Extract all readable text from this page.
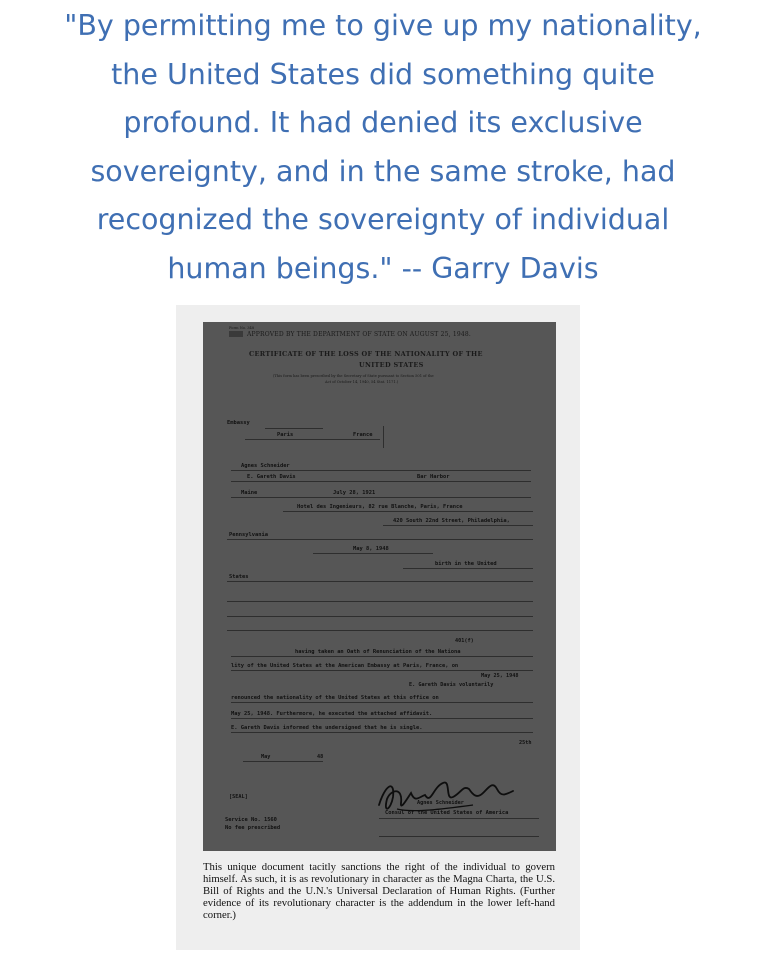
"By permitting me to give up my nationality,
the United States did something quite
profound. It had denied its exclusive
sovereignty, and in the same stroke, had
recognized the sovereignty of individual
human beings." -- Garry Davis
Form No. 348
APPROVED BY THE DEPARTMENT OF STATE ON AUGUST 25, 1948.
CERTIFICATE OF THE LOSS OF THE NATIONALITY OF THE
UNITED STATES
(This form has been prescribed by the Secretary of State pursuant to Section 501 of the
Act of October 14, 1940, 54 Stat. 1171.)
Embassy
Paris	France
Agnes Schneider
E. Gareth Davis	Bar Harbor
Maine	July 28, 1921
Hotel des Ingenieurs, 82 rue Blanche, Paris, France
420 South 22nd Street, Philadelphia,
Pennsylvania
May 8, 1948
birth in the United
States
401(f)
having taken an Oath of Renunciation of the Nationa
lity of the United States at the American Embassy at Paris, France, on
May 25, 1948
E. Gareth Davis voluntarily
renounced the nationality of the United States at this office on
May 25, 1948. Furthermore, he executed the attached affidavit.
E. Gareth Davis informed the undersigned that he is single.
25th
May	48
[SEAL]
Agnes Schneider
Consul of the United States of America
Service No. 1560
No fee prescribed
This unique document tacitly sanctions the right of the individual to govern himself. As such, it is as revolutionary in character as the Magna Charta, the U.S. Bill of Rights and the U.N.'s Universal Declaration of Human Rights. (Further evidence of its revolutionary character is the addendum in the lower left-hand corner.)
